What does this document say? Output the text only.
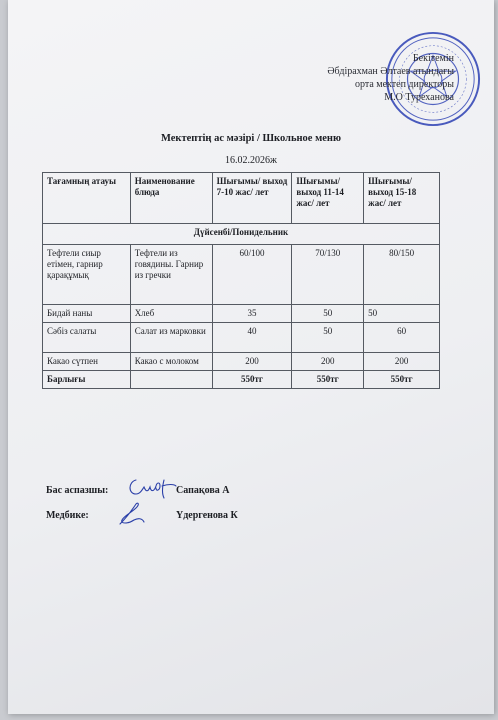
Бекітемін
Әбдірахман Әлтаев атындағы
орта мектеп директоры
М.О Туреханова
Мектептің ас мәзірі / Школьное меню
16.02.2026ж
Тағамның атауы	Наименование блюда	Шығымы/ выход 7-10 жас/ лет	Шығымы/ выход 11-14 жас/ лет	Шығымы/ выход 15-18 жас/ лет
Дүйсенбі/Понидельник				
Тефтели сиыр етімен, гарнир қарақұмық	Тефтели из говядины. Гарнир из гречки	60/100	70/130	80/150
Бидай наны	Хлеб	35	50	50
Сәбіз салаты	Салат из марковки	40	50	60
Какао сүтпен	Какао с молоком	200	200	200
Барлығы		550тг	550тг	550тг
Бас аспазшы:	Сапақова А
Медбике:	Үдергенова К
